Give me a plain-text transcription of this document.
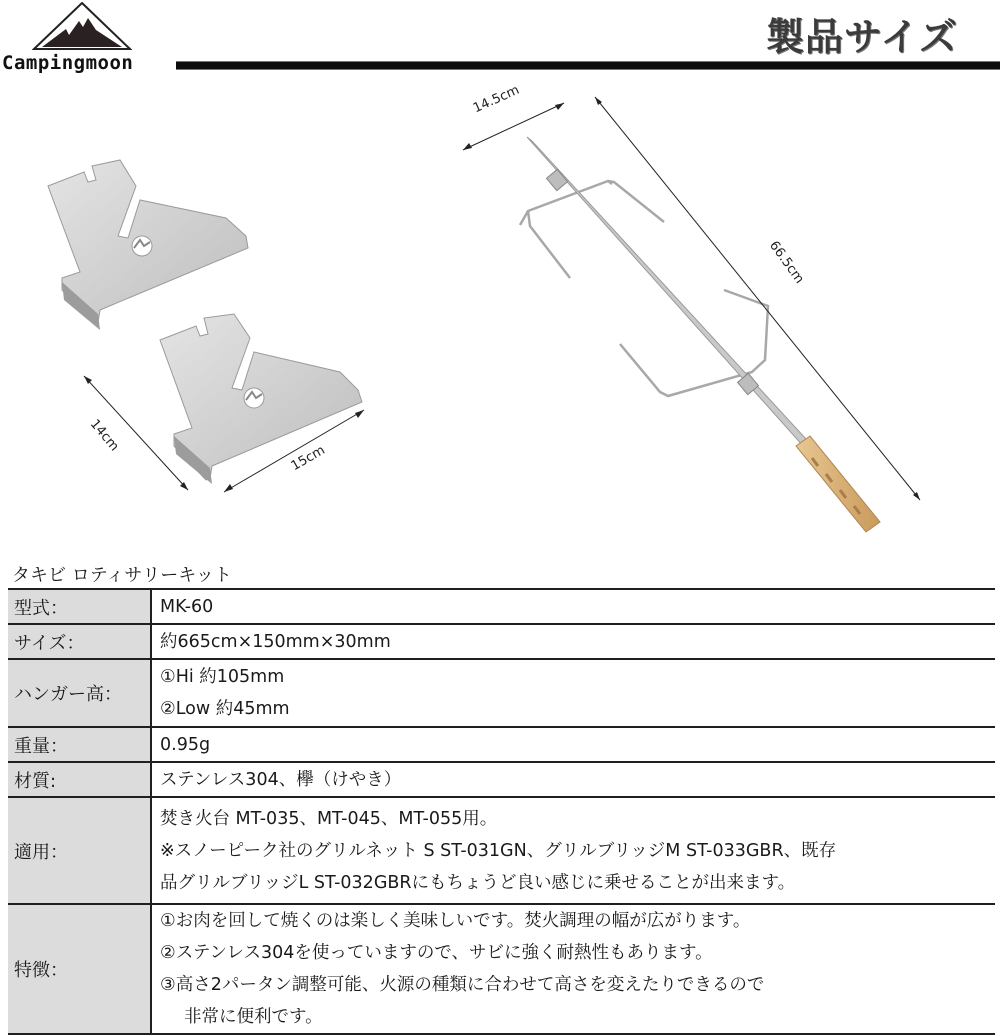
Campingmoon
製品サイズ
14cm
15cm
14.5cm
66.5cm
タキビ ロティサリーキット
型式：	MK-60

サイズ：	約665cm×150mm×30mm

ハンガー高：	①Hi 約105mm
②Low 約45mm

重量：	0.95g

材質:	ステンレス304、欅（けやき）

適用：	焚き火台 MT-035、MT-045、MT-055用。
※スノーピーク社のグリルネット S ST-031GN、グリルブリッジM ST-033GBR、既存
品グリルブリッジL ST-032GBRにもちょうど良い感じに乗せることが出来ます。

特徴：	①お肉を回して焼くのは楽しく美味しいです。焚火調理の幅が広がります。
②ステンレス304を使っていますので、サビに強く耐熱性もあります。
③高さ2パータン調整可能、火源の種類に合わせて高さを変えたりできるので
非常に便利です。
